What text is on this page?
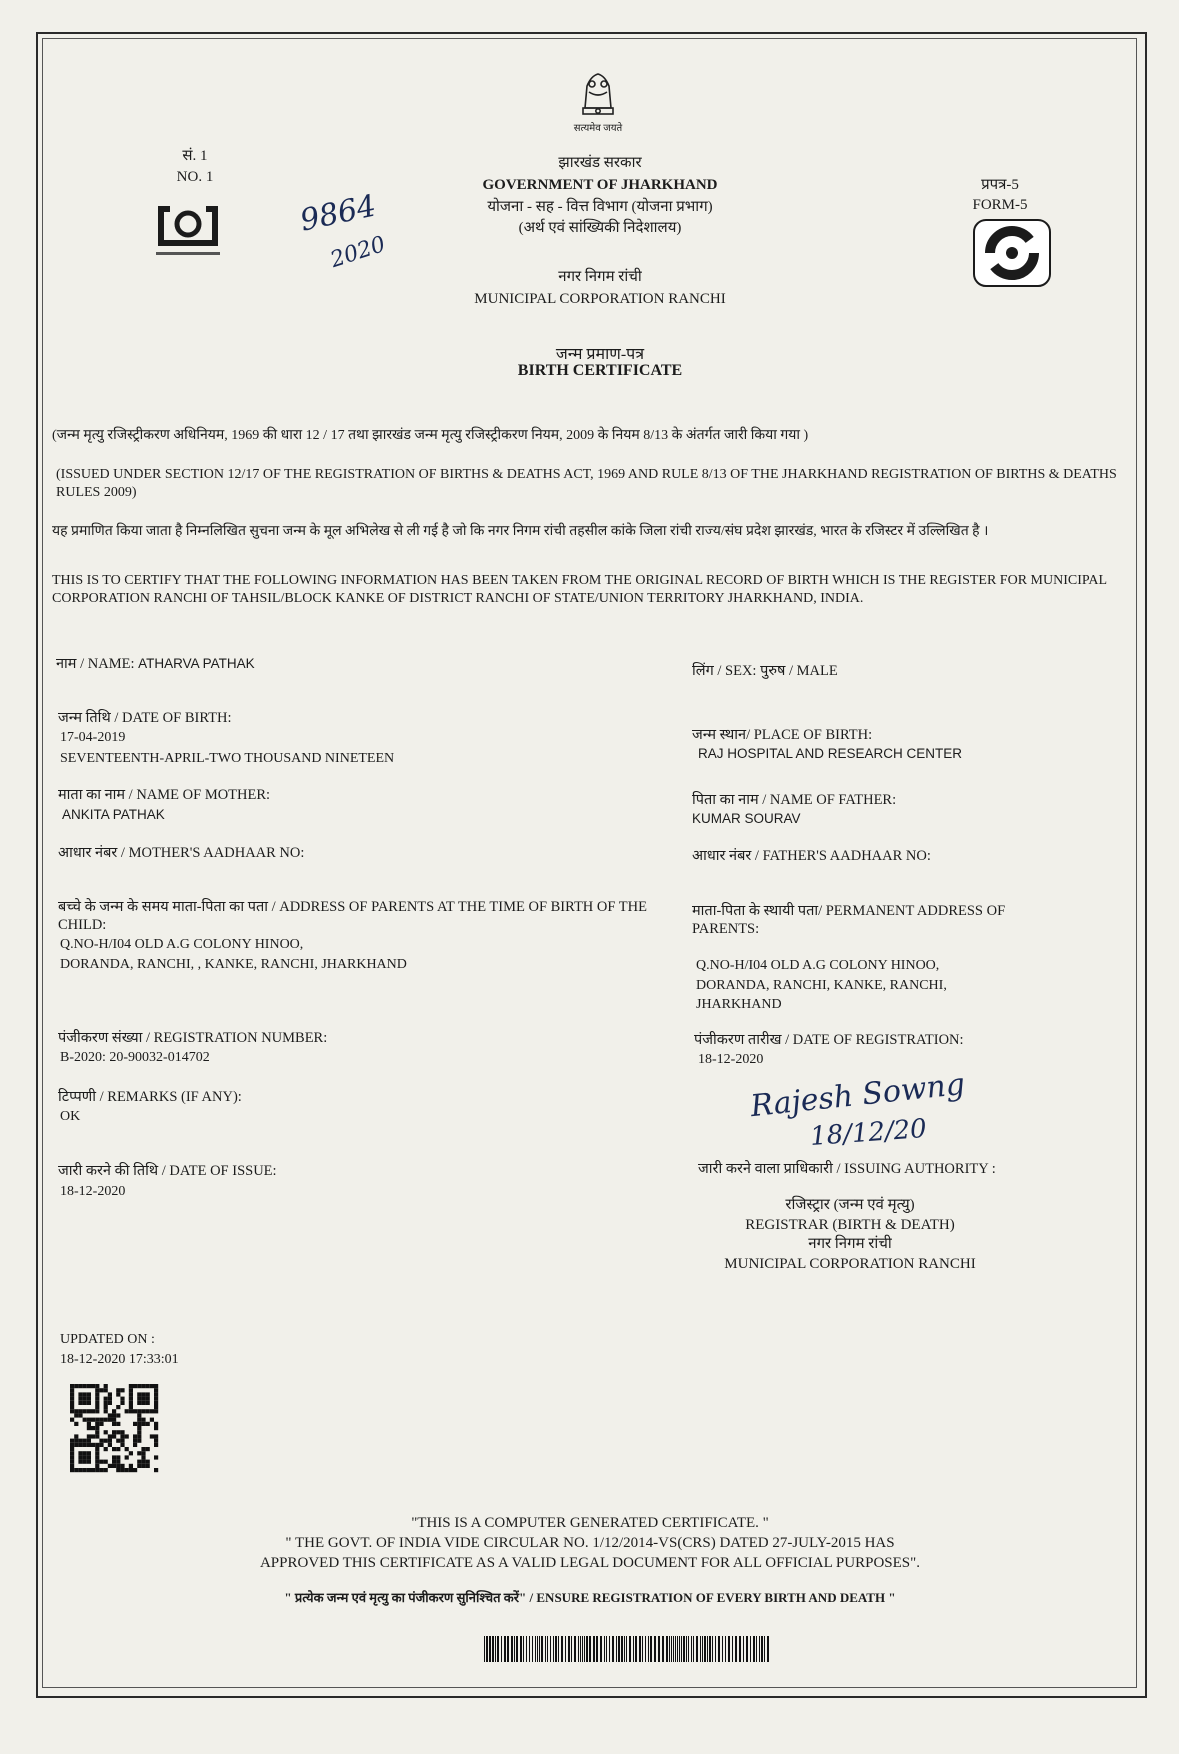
सत्यमेव जयते
सं. 1
NO. 1
9864
2020
झारखंड सरकार
GOVERNMENT OF JHARKHAND
योजना - सह - वित्त विभाग (योजना प्रभाग)
(अर्थ एवं सांख्यिकी निदेशालय)
नगर निगम रांची
MUNICIPAL CORPORATION RANCHI
प्रपत्र-5
FORM-5
जन्म प्रमाण-पत्र
BIRTH CERTIFICATE
(जन्म मृत्यु रजिस्ट्रीकरण अधिनियम, 1969 की धारा 12 / 17 तथा झारखंड जन्म मृत्यु रजिस्ट्रीकरण नियम, 2009 के नियम 8/13 के अंतर्गत जारी किया गया )
(ISSUED UNDER SECTION 12/17 OF THE REGISTRATION OF BIRTHS & DEATHS ACT, 1969 AND RULE 8/13 OF THE JHARKHAND REGISTRATION OF BIRTHS & DEATHS RULES 2009)
यह प्रमाणित किया जाता है निम्नलिखित सुचना जन्म के मूल अभिलेख से ली गई है जो कि नगर निगम रांची तहसील कांके जिला रांची राज्य/संघ प्रदेश झारखंड, भारत के रजिस्टर में उल्लिखित है ।
THIS IS TO CERTIFY THAT THE FOLLOWING INFORMATION HAS BEEN TAKEN FROM THE ORIGINAL RECORD OF BIRTH WHICH IS THE REGISTER FOR MUNICIPAL CORPORATION RANCHI OF TAHSIL/BLOCK KANKE OF DISTRICT RANCHI OF STATE/UNION TERRITORY JHARKHAND, INDIA.
नाम / NAME: ATHARVA PATHAK
जन्म तिथि / DATE OF BIRTH:
17-04-2019
SEVENTEENTH-APRIL-TWO THOUSAND NINETEEN
माता का नाम / NAME OF MOTHER:
ANKITA PATHAK
आधार नंबर / MOTHER'S AADHAAR NO:
बच्चे के जन्म के समय माता-पिता का पता / ADDRESS OF PARENTS AT THE TIME OF BIRTH OF THE CHILD:
Q.NO-H/I04 OLD A.G COLONY HINOO,
DORANDA, RANCHI, , KANKE, RANCHI, JHARKHAND
पंजीकरण संख्या / REGISTRATION NUMBER:
B-2020: 20-90032-014702
टिप्पणी / REMARKS (IF ANY):
OK
जारी करने की तिथि / DATE OF ISSUE:
18-12-2020
लिंग / SEX: पुरुष / MALE
जन्म स्थान/ PLACE OF BIRTH:
RAJ HOSPITAL AND RESEARCH CENTER
पिता का नाम / NAME OF FATHER:
KUMAR SOURAV
आधार नंबर / FATHER'S AADHAAR NO:
माता-पिता के स्थायी पता/ PERMANENT ADDRESS OF PARENTS:
Q.NO-H/I04 OLD A.G COLONY HINOO,
DORANDA, RANCHI, KANKE, RANCHI,
JHARKHAND
पंजीकरण तारीख / DATE OF REGISTRATION:
18-12-2020
Rajesh Sowng
18/12/20
जारी करने वाला प्राधिकारी / ISSUING AUTHORITY :
रजिस्ट्रार (जन्म एवं मृत्यु)
REGISTRAR (BIRTH & DEATH)
नगर निगम रांची
MUNICIPAL CORPORATION RANCHI
UPDATED ON :
18-12-2020 17:33:01
"THIS IS A COMPUTER GENERATED CERTIFICATE. "
" THE GOVT. OF INDIA VIDE CIRCULAR NO. 1/12/2014-VS(CRS) DATED 27-JULY-2015 HAS
APPROVED THIS CERTIFICATE AS A VALID LEGAL DOCUMENT FOR ALL OFFICIAL PURPOSES".
" प्रत्येक जन्म एवं मृत्यु का पंजीकरण सुनिश्चित करें" / ENSURE REGISTRATION OF EVERY BIRTH AND DEATH "
